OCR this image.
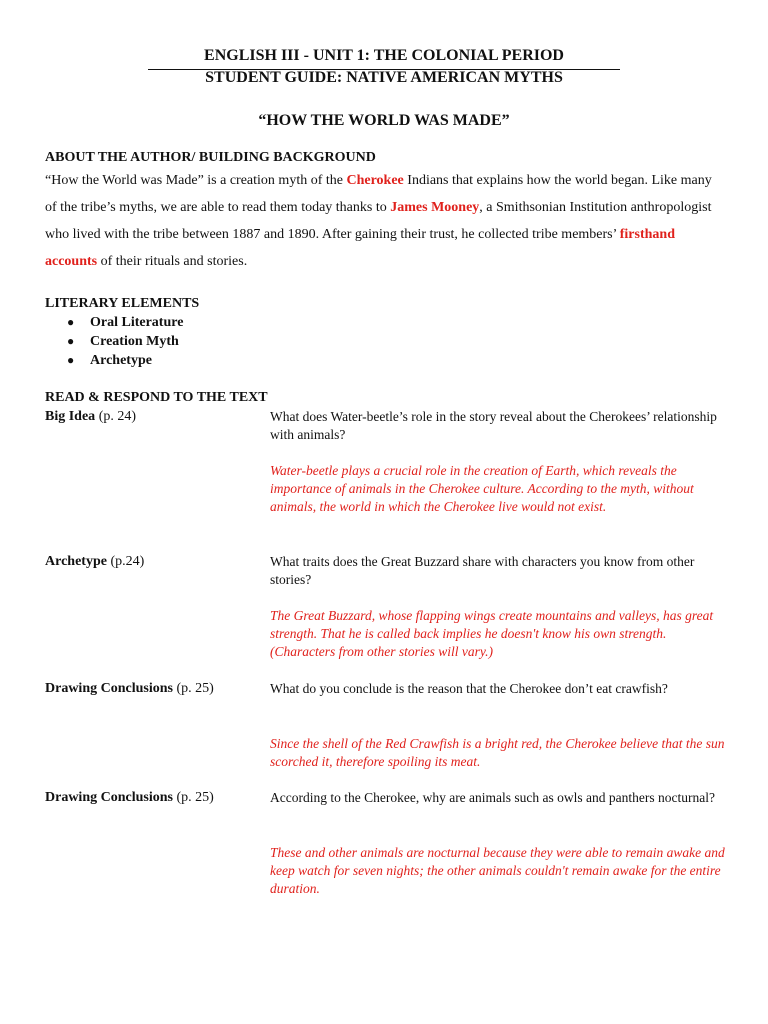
ENGLISH III - UNIT 1: THE COLONIAL PERIOD
STUDENT GUIDE: NATIVE AMERICAN MYTHS
“HOW THE WORLD WAS MADE”
ABOUT THE AUTHOR/ BUILDING BACKGROUND
“How the World was Made” is a creation myth of the Cherokee Indians that explains how the world began. Like many of the tribe’s myths, we are able to read them today thanks to James Mooney, a Smithsonian Institution anthropologist who lived with the tribe between 1887 and 1890. After gaining their trust, he collected tribe members’ firsthand accounts of their rituals and stories.
LITERARY ELEMENTS
● Oral Literature
● Creation Myth
● Archetype
READ & RESPOND TO THE TEXT
Big Idea (p. 24)	What does Water-beetle’s role in the story reveal about the Cherokees’ relationship with animals?
Water-beetle plays a crucial role in the creation of Earth, which reveals the importance of animals in the Cherokee culture. According to the myth, without animals, the world in which the Cherokee live would not exist.
Archetype (p.24)	What traits does the Great Buzzard share with characters you know from other stories?
The Great Buzzard, whose flapping wings create mountains and valleys, has great strength. That he is called back implies he doesn't know his own strength. (Characters from other stories will vary.)
Drawing Conclusions (p. 25)	What do you conclude is the reason that the Cherokee don’t eat crawfish?
Since the shell of the Red Crawfish is a bright red, the Cherokee believe that the sun scorched it, therefore spoiling its meat.
Drawing Conclusions (p. 25)	According to the Cherokee, why are animals such as owls and panthers nocturnal?
These and other animals are nocturnal because they were able to remain awake and keep watch for seven nights; the other animals couldn't remain awake for the entire duration.
